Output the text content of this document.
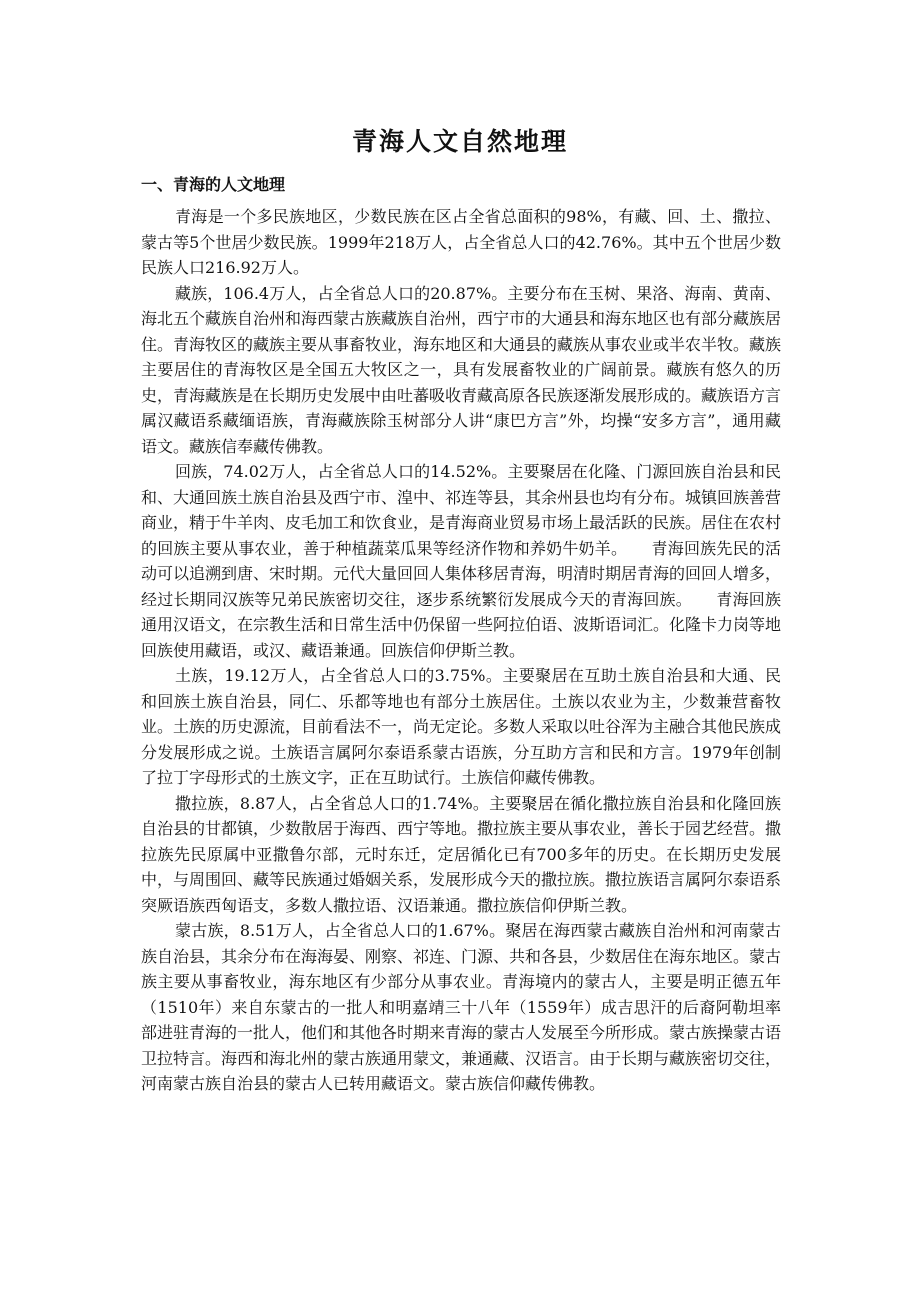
青海人文自然地理
一、青海的人文地理

青海是一个多民族地区，少数民族在区占全省总面积的98%，有藏、回、土、撒拉、蒙古等5个世居少数民族。1999年218万人，占全省总人口的42.76%。其中五个世居少数民族人口216.92万人。

藏族，106.4万人，占全省总人口的20.87%。主要分布在玉树、果洛、海南、黄南、海北五个藏族自治州和海西蒙古族藏族自治州，西宁市的大通县和海东地区也有部分藏族居住。青海牧区的藏族主要从事畜牧业，海东地区和大通县的藏族从事农业或半农半牧。藏族主要居住的青海牧区是全国五大牧区之一，具有发展畜牧业的广阔前景。藏族有悠久的历史，青海藏族是在长期历史发展中由吐蕃吸收青藏高原各民族逐渐发展形成的。藏族语方言属汉藏语系藏缅语族，青海藏族除玉树部分人讲“康巴方言”外，均操“安多方言”，通用藏语文。藏族信奉藏传佛教。

回族，74.02万人，占全省总人口的14.52%。主要聚居在化隆、门源回族自治县和民和、大通回族土族自治县及西宁市、湟中、祁连等县，其余州县也均有分布。城镇回族善营商业，精于牛羊肉、皮毛加工和饮食业，是青海商业贸易市场上最活跃的民族。居住在农村的回族主要从事农业，善于种植蔬菜瓜果等经济作物和养奶牛奶羊。　　青海回族先民的活动可以追溯到唐、宋时期。元代大量回回人集体移居青海，明清时期居青海的回回人增多，经过长期同汉族等兄弟民族密切交往，逐步系统繁衍发展成今天的青海回族。　　青海回族通用汉语文，在宗教生活和日常生活中仍保留一些阿拉伯语、波斯语词汇。化隆卡力岗等地回族使用藏语，或汉、藏语兼通。回族信仰伊斯兰教。

土族，19.12万人，占全省总人口的3.75%。主要聚居在互助土族自治县和大通、民和回族土族自治县，同仁、乐都等地也有部分土族居住。土族以农业为主，少数兼营畜牧业。土族的历史源流，目前看法不一，尚无定论。多数人采取以吐谷浑为主融合其他民族成分发展形成之说。土族语言属阿尔泰语系蒙古语族，分互助方言和民和方言。1979年创制了拉丁字母形式的土族文字，正在互助试行。土族信仰藏传佛教。

撒拉族，8.87人，占全省总人口的1.74%。主要聚居在循化撒拉族自治县和化隆回族自治县的甘都镇，少数散居于海西、西宁等地。撒拉族主要从事农业，善长于园艺经营。撒拉族先民原属中亚撒鲁尔部，元时东迁，定居循化已有700多年的历史。在长期历史发展中，与周围回、藏等民族通过婚姻关系，发展形成今天的撒拉族。撒拉族语言属阿尔泰语系突厥语族西匈语支，多数人撒拉语、汉语兼通。撒拉族信仰伊斯兰教。

蒙古族，8.51万人，占全省总人口的1.67%。聚居在海西蒙古藏族自治州和河南蒙古族自治县，其余分布在海海晏、刚察、祁连、门源、共和各县，少数居住在海东地区。蒙古族主要从事畜牧业，海东地区有少部分从事农业。青海境内的蒙古人，主要是明正德五年（1510年）来自东蒙古的一批人和明嘉靖三十八年（1559年）成吉思汗的后裔阿勒坦率部进驻青海的一批人，他们和其他各时期来青海的蒙古人发展至今所形成。蒙古族操蒙古语卫拉特言。海西和海北州的蒙古族通用蒙文，兼通藏、汉语言。由于长期与藏族密切交往，河南蒙古族自治县的蒙古人已转用藏语文。蒙古族信仰藏传佛教。
